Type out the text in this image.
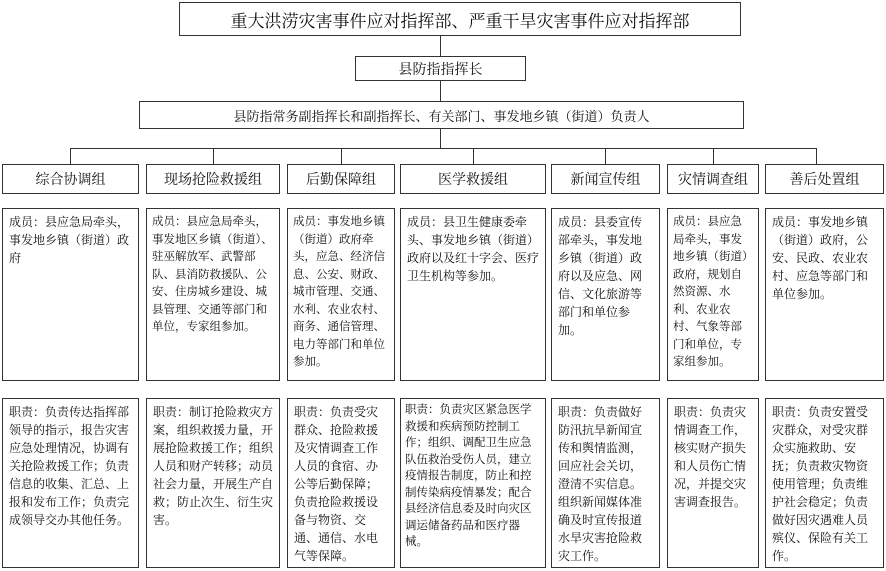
重大洪涝灾害事件应对指挥部、严重干旱灾害事件应对指挥部
县防指指挥长
县防指常务副指挥长和副指挥长、有关部门、事发地乡镇（街道）负责人
综合协调组
成员：县应急局牵头，事发地乡镇（街道）政府
职责：负责传达指挥部领导的指示，报告灾害应急处理情况，协调有关抢险救援工作；负责信息的收集、汇总、上报和发布工作；负责完成领导交办其他任务。
现场抢险救援组
成员：县应急局牵头，事发地区乡镇（街道）、驻巫解放军、武警部队、县消防救援队、公安、住房城乡建设、城县管理、交通等部门和单位，专家组参加。
职责：制订抢险救灾方案，组织救援力量，开展抢险救援工作；组织人员和财产转移；动员社会力量，开展生产自救；防止次生、衍生灾害。
后勤保障组
成员：事发地乡镇（街道）政府牵头，应急、经济信息、公安、财政、城市管理、交通、水利、农业农村、商务、通信管理、电力等部门和单位参加。
职责：负责受灾群众、抢险救援及灾情调查工作人员的食宿、办公等后勤保障；负责抢险救援设备与物资、交通、通信、水电气等保障。
医学救援组
成员：县卫生健康委牵头、事发地乡镇（街道）政府以及红十字会、医疗卫生机构等参加。
职责：负责灾区紧急医学救援和疾病预防控制工作；组织、调配卫生应急队伍救治受伤人员，建立疫情报告制度，防止和控制传染病疫情暴发；配合县经济信息委及时向灾区调运储备药品和医疗器械。
新闻宣传组
成员：县委宣传部牵头，事发地乡镇（街道）政府以及应急、网信、文化旅游等部门和单位参加。
职责：负责做好防汛抗旱新闻宣传和舆情监测，回应社会关切，澄清不实信息。组织新闻媒体准确及时宣传报道水旱灾害抢险救灾工作。
灾情调查组
成员：县应急局牵头，事发地乡镇（街道）政府，规划自然资源、水利、农业农村、气象等部门和单位，专家组参加。
职责：负责灾情调查工作，核实财产损失和人员伤亡情况，并提交灾害调查报告。
善后处置组
成员：事发地乡镇（街道）政府，公安、民政、农业农村、应急等部门和单位参加。
职责：负责安置受灾群众，对受灾群众实施救助、安抚；负责救灾物资使用管理；负责维护社会稳定；负责做好因灾遇难人员殡仪、保险有关工作。
